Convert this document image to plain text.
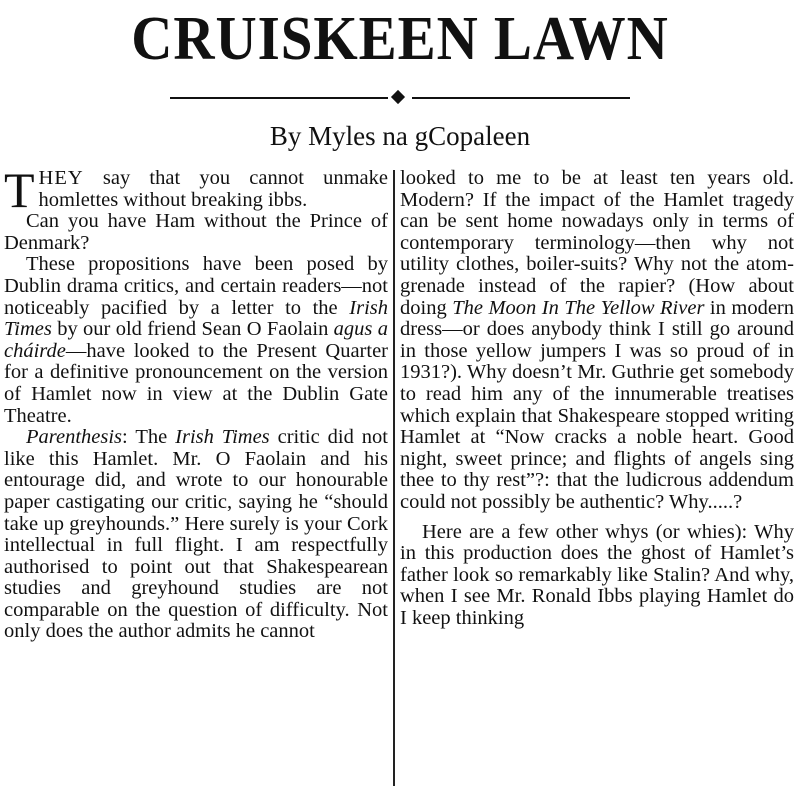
CRUISKEEN LAWN
By Myles na gCopaleen

THEY say that you cannot unmake homlettes without breaking ibbs.

Can you have Ham without the Prince of Denmark?

These propositions have been posed by Dublin drama critics, and certain readers—not noticeably pacified by a letter to the Irish Times by our old friend Sean O Faolain agus a cháirde—have looked to the Present Quarter for a definitive pronouncement on the version of Hamlet now in view at the Dublin Gate Theatre.

Parenthesis: The Irish Times critic did not like this Hamlet. Mr. O Faolain and his entourage did, and wrote to our honourable paper castigating our critic, saying he “should take up greyhounds.” Here surely is your Cork intellectual in full flight. I am respectfully authorised to point out that Shakespearean studies and greyhound studies are not comparable on the question of difficulty. Not only does the author admits he cannot

looked to me to be at least ten years old. Modern? If the impact of the Hamlet tragedy can be sent home nowadays only in terms of contemporary terminology—then why not utility clothes, boiler-suits? Why not the atom-grenade instead of the rapier? (How about doing The Moon In The Yellow River in modern dress—or does anybody think I still go around in those yellow jumpers I was so proud of in 1931?). Why doesn’t Mr. Guthrie get somebody to read him any of the innumerable treatises which explain that Shakespeare stopped writing Hamlet at “Now cracks a noble heart. Good night, sweet prince; and flights of angels sing thee to thy rest”?: that the ludicrous addendum could not possibly be authentic? Why.....?

Here are a few other whys (or whies): Why in this production does the ghost of Hamlet’s father look so remarkably like Stalin? And why, when I see Mr. Ronald Ibbs playing Hamlet do I keep thinking
